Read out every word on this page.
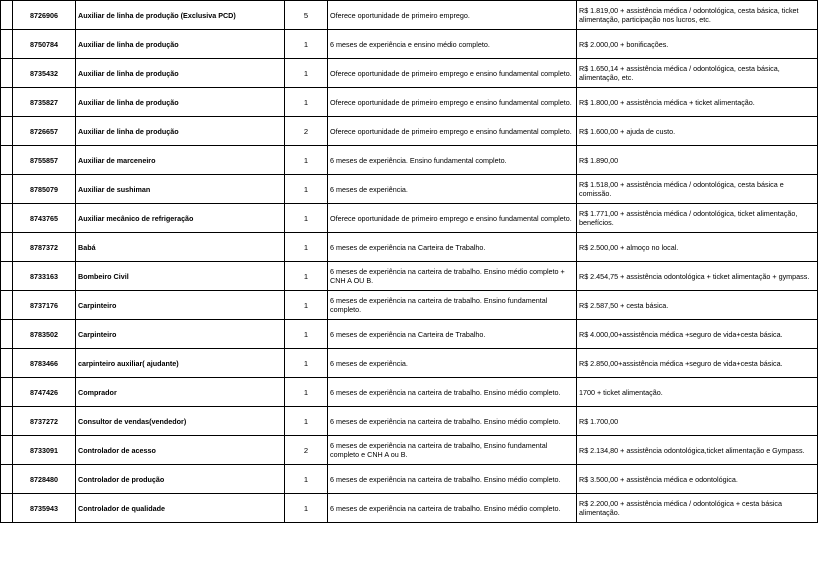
	8726906	Auxiliar de linha de produção (Exclusiva PCD)	5	Oferece oportunidade de primeiro emprego.	R$ 1.819,00 + assistência médica / odontológica, cesta básica, ticket alimentação, participação nos lucros, etc.
	8750784	Auxiliar de linha de produção	1	6 meses de experiência e ensino médio completo.	R$ 2.000,00 + bonificações.
	8735432	Auxiliar de linha de produção	1	Oferece oportunidade de primeiro emprego e ensino fundamental completo.	R$ 1.650,14 + assistência médica / odontológica, cesta básica, alimentação, etc.
	8735827	Auxiliar de linha de produção	1	Oferece oportunidade de primeiro emprego e ensino fundamental completo.	R$ 1.800,00 + assistência médica + ticket alimentação.
	8726657	Auxiliar de linha de produção	2	Oferece oportunidade de primeiro emprego e ensino fundamental completo.	R$ 1.600,00 + ajuda de custo.
	8755857	Auxiliar de marceneiro	1	6 meses de experiência. Ensino fundamental completo.	R$ 1.890,00
	8785079	Auxiliar de sushiman	1	6 meses de experiência.	R$ 1.518,00 + assistência médica / odontológica, cesta básica e comissão.
	8743765	Auxiliar mecânico de refrigeração	1	Oferece oportunidade de primeiro emprego e ensino fundamental completo.	R$ 1.771,00 + assistência médica / odontológica, ticket alimentação, benefícios.
	8787372	Babá	1	6 meses de experiência na Carteira de Trabalho.	R$ 2.500,00 + almoço no local.
	8733163	Bombeiro Civil	1	6 meses de experiência na carteira de trabalho. Ensino médio completo + CNH A OU B.	R$ 2.454,75 + assistência odontológica + ticket alimentação + gympass.
	8737176	Carpinteiro	1	6 meses de experiência na carteira de trabalho. Ensino fundamental completo.	R$ 2.587,50 + cesta básica.
	8783502	Carpinteiro	1	6 meses de experiência na Carteira de Trabalho.	R$ 4.000,00+assistência médica +seguro de vida+cesta básica.
	8783466	carpinteiro auxiliar( ajudante)	1	6 meses de experiência.	R$ 2.850,00+assistência médica +seguro de vida+cesta básica.
	8747426	Comprador	1	6 meses de experiência na carteira de trabalho. Ensino médio completo.	1700 + ticket alimentação.
	8737272	Consultor de vendas(vendedor)	1	6 meses de experiência na carteira de trabalho. Ensino médio completo.	R$ 1.700,00
	8733091	Controlador de acesso	2	6 meses de experiência na carteira de trabalho, Ensino fundamental completo e CNH A ou B.	R$ 2.134,80 + assistência odontológica,ticket alimentação e Gympass.
	8728480	Controlador de produção	1	6 meses de experiência na carteira de trabalho. Ensino médio completo.	R$ 3.500,00 + assistência médica e odontológica.
	8735943	Controlador de qualidade	1	6 meses de experiência na carteira de trabalho. Ensino médio completo.	R$ 2.200,00 + assistência médica / odontológica + cesta básica alimentação.
